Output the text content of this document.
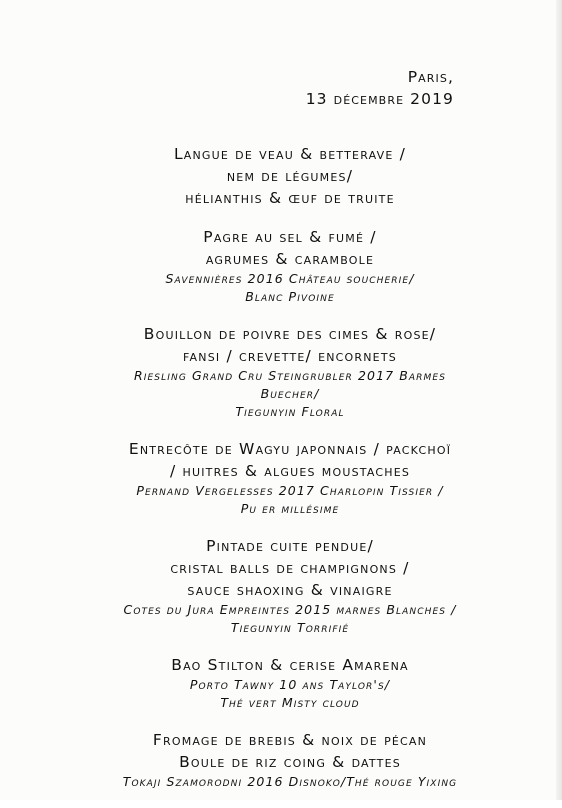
Paris,
13 décembre 2019

Langue de veau & betterave /

nem de légumes/

hélianthis & œuf de truite

Pagre au sel & fumé /

agrumes & carambole

Savennières 2016 Château soucherie/

Blanc Pivoine

Bouillon de poivre des cimes & rose/

fansi / crevette/ encornets

Riesling Grand Cru Steingrubler 2017 Barmes

Buecher/

Tiegunyin Floral

Entrecôte de Wagyu japonnais / packchoï

/ huitres & algues moustaches

Pernand Vergelesses 2017 Charlopin Tissier /

Pu er millésime

Pintade cuite pendue/

cristal balls de champignons /

sauce shaoxing & vinaigre

Cotes du Jura Empreintes 2015 marnes Blanches /

Tiegunyin Torrifié

Bao Stilton & cerise Amarena

Porto Tawny 10 ans Taylor's/

Thé vert Misty cloud

Fromage de brebis & noix de pécan

Boule de riz coing & dattes

Tokaji Szamorodni 2016 Disnoko/Thé rouge Yixing
